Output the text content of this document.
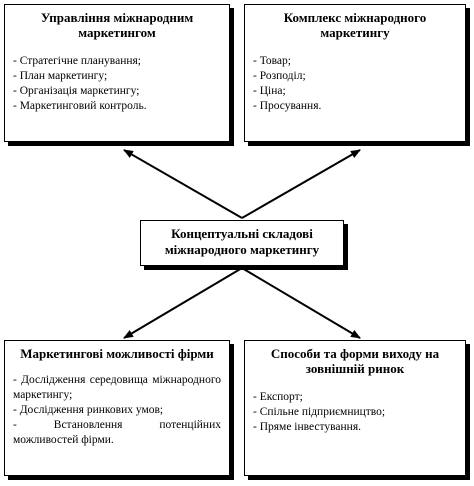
Управління міжнародним маркетингом
- Стратегічне планування;
- План маркетингу;
- Організація маркетингу;
- Маркетинговий контроль.
Комплекс міжнародного маркетингу
- Товар;
- Розподіл;
- Ціна;
- Просування.
Концептуальні складові міжнародного маркетингу
Маркетингові можливості фірми
- Дослідження середовища міжнародного маркетингу;
- Дослідження ринкових умов;
- Встановлення потенційних можливостей фірми.
Способи та форми виходу на зовнішній ринок
- Експорт;
- Спільне підприємництво;
- Пряме інвестування.
